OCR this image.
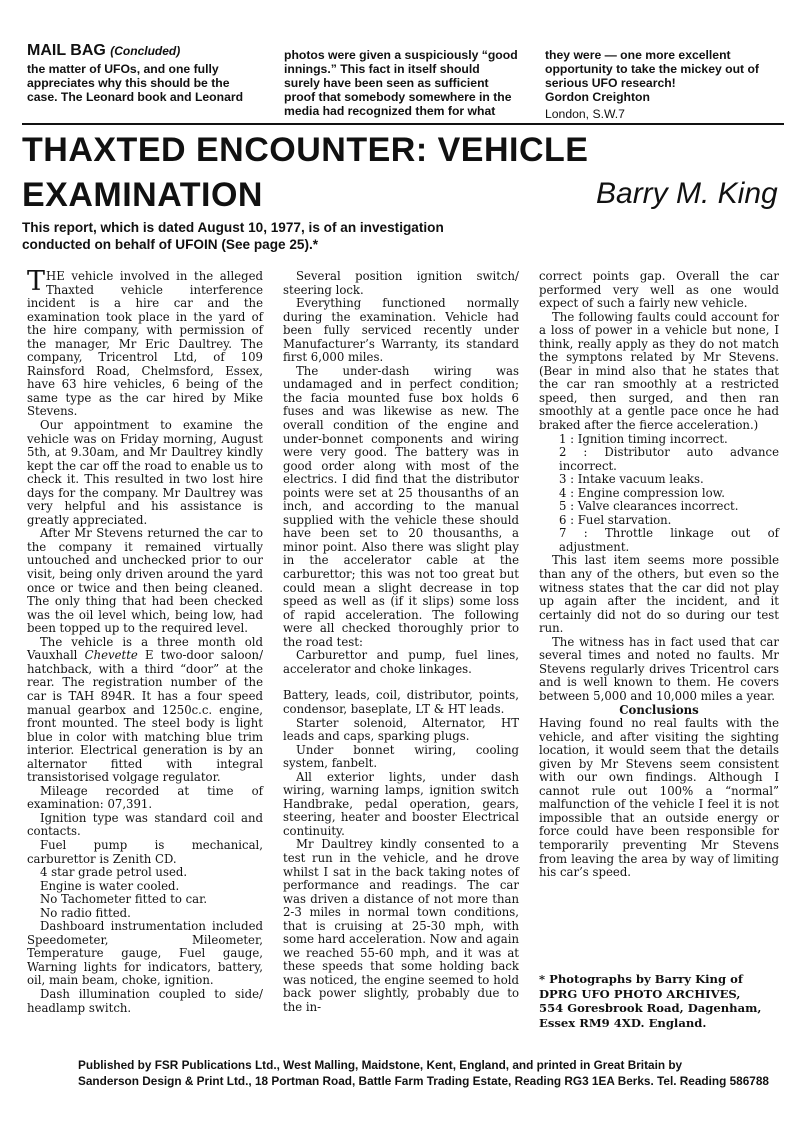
MAIL BAG (Concluded)

the matter of UFOs, and one fully

appreciates why this should be the

case. The Leonard book and Leonard

photos were given a suspiciously “good

innings.” This fact in itself should

surely have been seen as sufficient

proof that somebody somewhere in the

media had recognized them for what

they were — one more excellent

opportunity to take the mickey out of

serious UFO research!

Gordon Creighton

London, S.W.7

THAXTED ENCOUNTER: VEHICLE
EXAMINATION	Barry M. King

This report, which is dated August 10, 1977, is of an investigation

conducted on behalf of UFOIN (See page 25).*

THE vehicle involved in the alleged Thaxted vehicle interference incident is a hire car and the examination took place in the yard of the hire company, with permission of the manager, Mr Eric Daultrey. The company, Tricentrol Ltd, of 109 Rainsford Road, Chelmsford, Essex, have 63 hire vehicles, 6 being of the same type as the car hired by Mike Stevens.

Our appointment to examine the vehicle was on Friday morning, August 5th, at 9.30am, and Mr Daultrey kindly kept the car off the road to enable us to check it. This resulted in two lost hire days for the company. Mr Daultrey was very helpful and his assistance is greatly appreciated.

After Mr Stevens returned the car to the company it remained virtually untouched and unchecked prior to our visit, being only driven around the yard once or twice and then being cleaned. The only thing that had been checked was the oil level which, being low, had been topped up to the required level.

The vehicle is a three month old Vauxhall Chevette E two-door saloon/ hatchback, with a third “door” at the rear. The registration number of the car is TAH 894R. It has a four speed manual gearbox and 1250c.c. engine, front mounted. The steel body is light blue in color with matching blue trim interior. Electrical generation is by an alternator fitted with integral transistorised volgage regulator.

Mileage recorded at time of examination: 07,391.

Ignition type was standard coil and contacts.

Fuel pump is mechanical, carburettor is Zenith CD.

4 star grade petrol used.

Engine is water cooled.

No Tachometer fitted to car.

No radio fitted.

Dashboard instrumentation included Speedometer, Mileometer, Temperature gauge, Fuel gauge, Warning lights for indicators, battery, oil, main beam, choke, ignition.

Dash illumination coupled to side/ headlamp switch.

Several position ignition switch/ steering lock.

Everything functioned normally during the examination. Vehicle had been fully serviced recently under Manufacturer’s Warranty, its standard first 6,000 miles.

The under-dash wiring was undamaged and in perfect condition; the facia mounted fuse box holds 6 fuses and was likewise as new. The overall condition of the engine and under-bonnet components and wiring were very good. The battery was in good order along with most of the electrics. I did find that the distributor points were set at 25 thousanths of an inch, and according to the manual supplied with the vehicle these should have been set to 20 thousanths, a minor point. Also there was slight play in the accelerator cable at the carburettor; this was not too great but could mean a slight decrease in top speed as well as (if it slips) some loss of rapid acceleration. The following were all checked thoroughly prior to the road test:

Carburettor and pump, fuel lines, accelerator and choke linkages.

Battery, leads, coil, distributor, points, condensor, baseplate, LT & HT leads.

Starter solenoid, Alternator, HT leads and caps, sparking plugs.

Under bonnet wiring, cooling system, fanbelt.

All exterior lights, under dash wiring, warning lamps, ignition switch Handbrake, pedal operation, gears, steering, heater and booster Electrical continuity.

Mr Daultrey kindly consented to a test run in the vehicle, and he drove whilst I sat in the back taking notes of performance and readings. The car was driven a distance of not more than 2-3 miles in normal town conditions, that is cruising at 25-30 mph, with some hard acceleration. Now and again we reached 55-60 mph, and it was at these speeds that some holding back was noticed, the engine seemed to hold back power slightly, probably due to the in-

correct points gap. Overall the car performed very well as one would expect of such a fairly new vehicle.

The following faults could account for a loss of power in a vehicle but none, I think, really apply as they do not match the symptons related by Mr Stevens. (Bear in mind also that he states that the car ran smoothly at a restricted speed, then surged, and then ran smoothly at a gentle pace once he had braked after the fierce acceleration.)

1 : Ignition timing incorrect.
2 : Distributor auto advance incorrect.
3 : Intake vacuum leaks.
4 : Engine compression low.
5 : Valve clearances incorrect.
6 : Fuel starvation.
7 : Throttle linkage out of adjustment.

This last item seems more possible than any of the others, but even so the witness states that the car did not play up again after the incident, and it certainly did not do so during our test run.

The witness has in fact used that car several times and noted no faults. Mr Stevens regularly drives Tricentrol cars and is well known to them. He covers between 5,000 and 10,000 miles a year.

Conclusions

Having found no real faults with the vehicle, and after visiting the sighting location, it would seem that the details given by Mr Stevens seem consistent with our own findings. Although I cannot rule out 100% a “normal” malfunction of the vehicle I feel it is not impossible that an outside energy or force could have been responsible for temporarily preventing Mr Stevens from leaving the area by way of limiting his car’s speed.

* Photographs by Barry King of

DPRG UFO PHOTO ARCHIVES,

554 Goresbrook Road, Dagenham,

Essex RM9 4XD. England.

Published by FSR Publications Ltd., West Malling, Maidstone, Kent, England, and printed in Great Britain by

Sanderson Design & Print Ltd., 18 Portman Road, Battle Farm Trading Estate, Reading RG3 1EA Berks. Tel. Reading 586788
